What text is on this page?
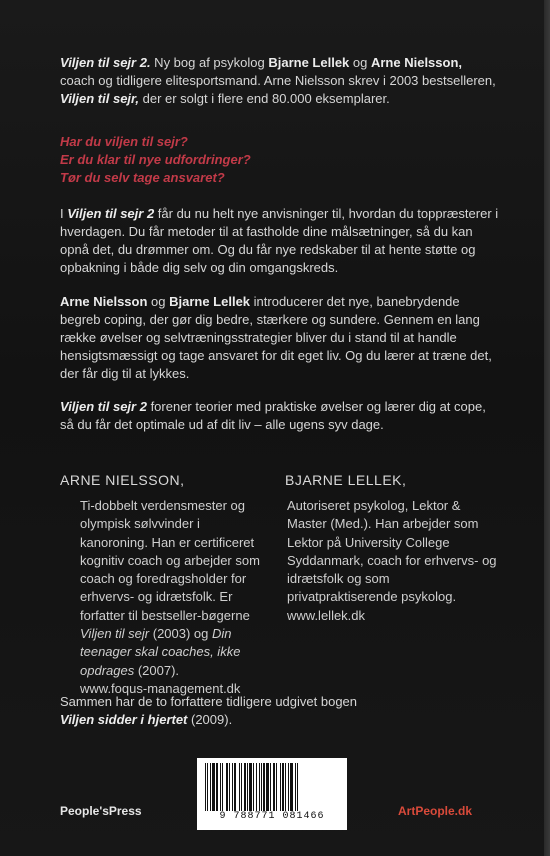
Viljen til sejr 2. Ny bog af psykolog Bjarne Lellek og Arne Nielsson, coach og tidligere elitesportsmand. Arne Nielsson skrev i 2003 bestselleren, Viljen til sejr, der er solgt i flere end 80.000 eksemplarer.

Har du viljen til sejr?
Er du klar til nye udfordringer?
Tør du selv tage ansvaret?

I Viljen til sejr 2 får du nu helt nye anvisninger til, hvordan du toppræsterer i hverdagen. Du får metoder til at fastholde dine målsætninger, så du kan opnå det, du drømmer om. Og du får nye redskaber til at hente støtte og opbakning i både dig selv og din omgangskreds.

Arne Nielsson og Bjarne Lellek introducerer det nye, banebrydende begreb coping, der gør dig bedre, stærkere og sundere. Gennem en lang række øvelser og selvtræningsstrategier bliver du i stand til at handle hensigtsmæssigt og tage ansvaret for dit eget liv. Og du lærer at træne det, der får dig til at lykkes.

Viljen til sejr 2 forener teorier med praktiske øvelser og lærer dig at cope, så du får det optimale ud af dit liv – alle ugens syv dage.

ARNE NIELSSON,

Ti-dobbelt verdensmester og olympisk sølvvinder i kanoroning. Han er certificeret kognitiv coach og arbejder som coach og foredragsholder for erhvervs- og idrætsfolk. Er forfatter til bestseller-bøgerne Viljen til sejr (2003) og Din teenager skal coaches, ikke opdrages (2007).
www.foqus-management.dk

BJARNE LELLEK,

Autoriseret psykolog, Lektor & Master (Med.). Han arbejder som Lektor på University College Syddanmark, coach for erhvervs- og idrætsfolk og som privatpraktiserende psykolog.
www.lellek.dk

Sammen har de to forfattere tidligere udgivet bogen
Viljen sidder i hjertet (2009).

People'sPress	9 788771 081466	ArtPeople.dk
